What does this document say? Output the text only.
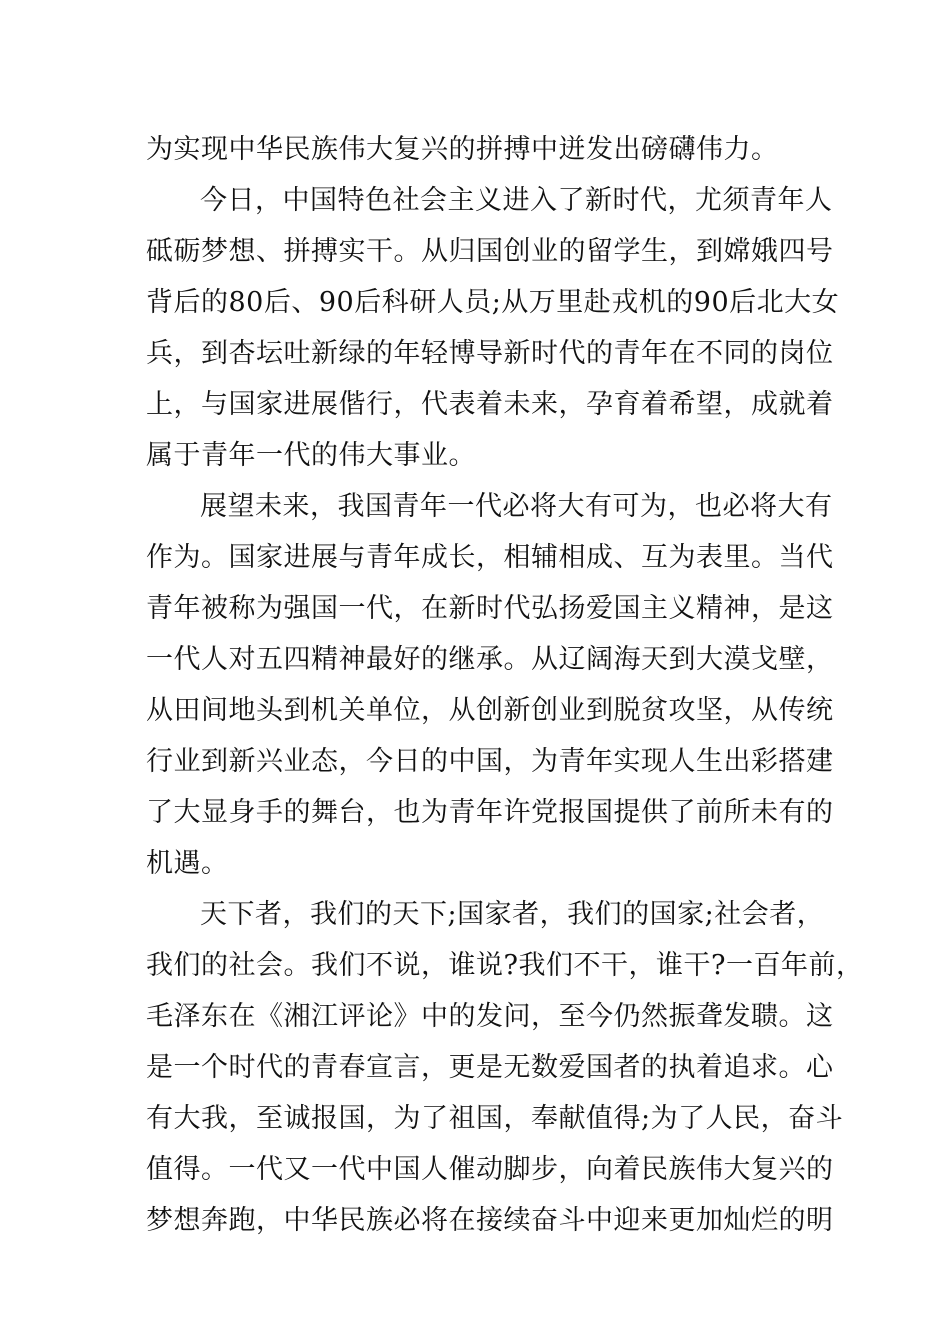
为实现中华民族伟大复兴的拼搏中迸发出磅礴伟力。
今日，中国特色社会主义进入了新时代，尤须青年人
砥砺梦想、拼搏实干。从归国创业的留学生，到嫦娥四号
背后的80后、90后科研人员;从万里赴戎机的90后北大女
兵，到杏坛吐新绿的年轻博导新时代的青年在不同的岗位
上，与国家进展偕行，代表着未来，孕育着希望，成就着
属于青年一代的伟大事业。
展望未来，我国青年一代必将大有可为，也必将大有
作为。国家进展与青年成长，相辅相成、互为表里。当代
青年被称为强国一代，在新时代弘扬爱国主义精神，是这
一代人对五四精神最好的继承。从辽阔海天到大漠戈壁，
从田间地头到机关单位，从创新创业到脱贫攻坚，从传统
行业到新兴业态，今日的中国，为青年实现人生出彩搭建
了大显身手的舞台，也为青年许党报国提供了前所未有的
机遇。
天下者，我们的天下;国家者，我们的国家;社会者，
我们的社会。我们不说，谁说?我们不干，谁干?一百年前，
毛泽东在《湘江评论》中的发问，至今仍然振聋发聩。这
是一个时代的青春宣言，更是无数爱国者的执着追求。心
有大我，至诚报国，为了祖国，奉献值得;为了人民，奋斗
值得。一代又一代中国人催动脚步，向着民族伟大复兴的
梦想奔跑，中华民族必将在接续奋斗中迎来更加灿烂的明
